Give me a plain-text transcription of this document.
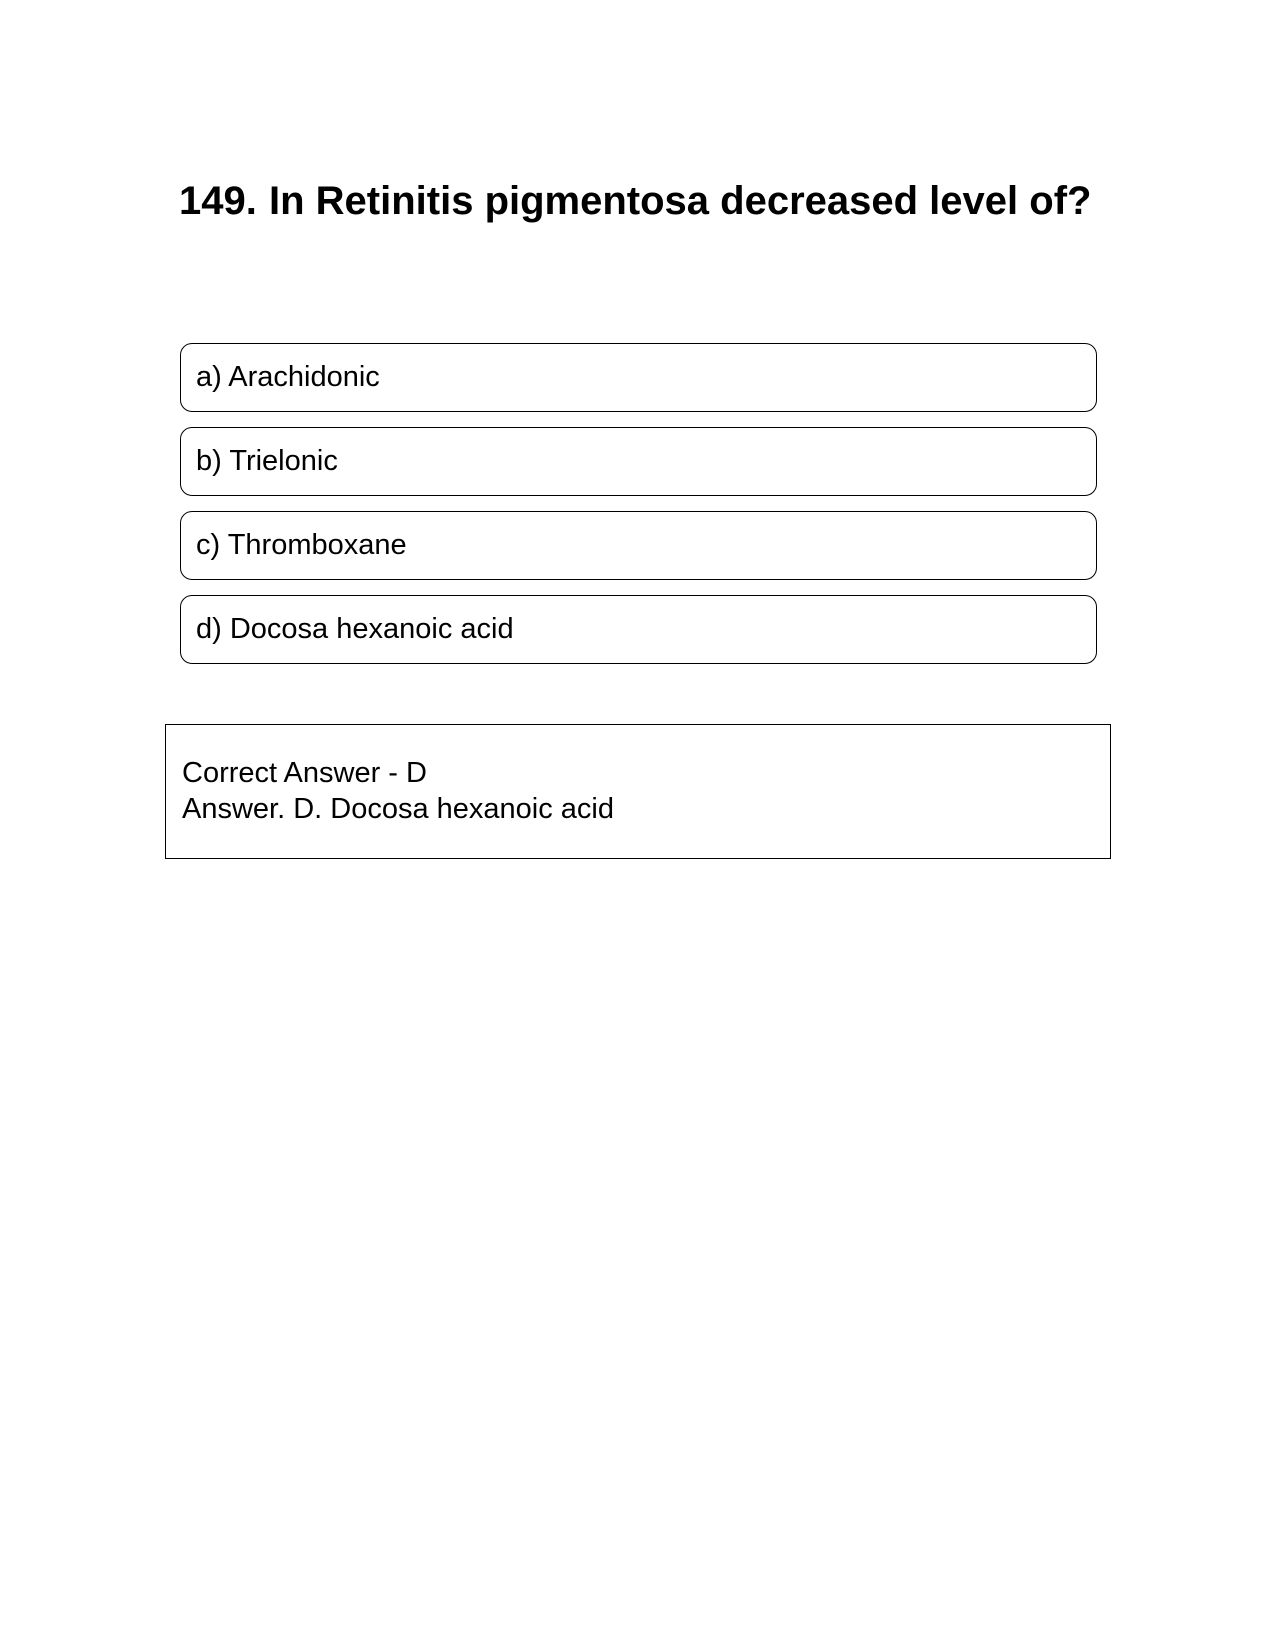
149. In Retinitis pigmentosa decreased level of?
a) Arachidonic
b) Trielonic
c) Thromboxane
d) Docosa hexanoic acid
Correct Answer - D
Answer. D. Docosa hexanoic acid
